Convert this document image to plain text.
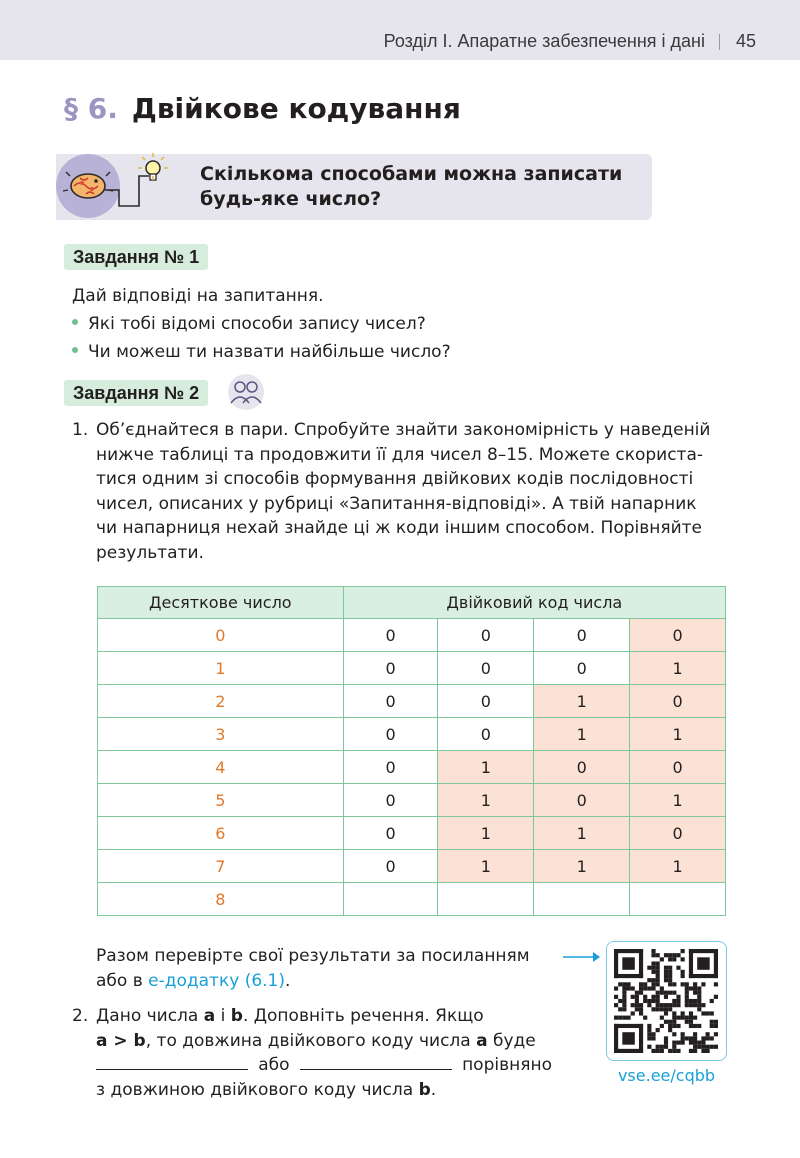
Розділ I. Апаратне забезпечення і дані 45
§ 6. Двійкове кодування
Скількома способами можна записати
будь-яке число?
Завдання № 1
Дай відповіді на запитання.
Які тобі відомі способи запису чисел?
Чи можеш ти назвати найбільше число?
Завдання № 2
1. Об’єднайтеся в пари. Спробуйте знайти закономірність у наведеній
нижче таблиці та продовжити її для чисел 8–15. Можете скориста-
тися одним зі способів формування двійкових кодів послідовності
чисел, описаних у рубриці «Запитання-відповіді». А твій напарник
чи напарниця нехай знайде ці ж коди іншим способом. Порівняйте
результати.
Десяткове число	Двійковий код числа			
0	0	0	0	0
1	0	0	0	1
2	0	0	1	0
3	0	0	1	1
4	0	1	0	0
5	0	1	0	1
6	0	1	1	0
7	0	1	1	1
8				
Разом перевірте свої результати за посиланням
або в е-додатку (6.1).
2. Дано числа a і b. Доповніть речення. Якщо
a > b, то довжина двійкового коду числа a буде
або	порівняно
з довжиною двійкового коду числа b.
vse.ee/cqbb
